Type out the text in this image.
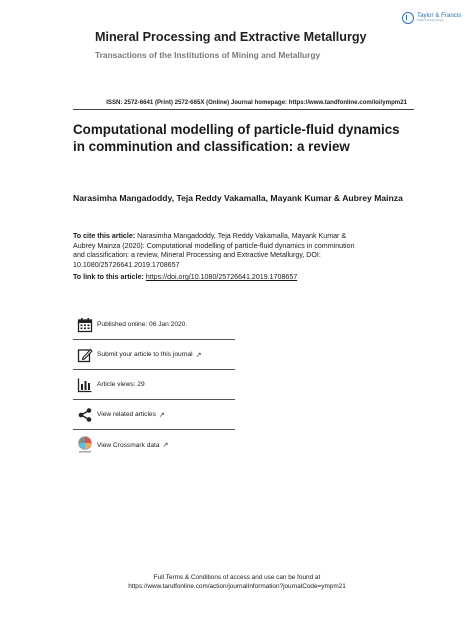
Taylor & Francis
Taylor & Francis Group
Mineral Processing and Extractive Metallurgy
Transactions of the Institutions of Mining and Metallurgy
ISSN: 2572-6641 (Print) 2572-665X (Online) Journal homepage: https://www.tandfonline.com/loi/ympm21
Computational modelling of particle-fluid dynamics in comminution and classification: a review
Narasimha Mangadoddy, Teja Reddy Vakamalla, Mayank Kumar & Aubrey Mainza
To cite this article: Narasimha Mangadoddy, Teja Reddy Vakamalla, Mayank Kumar & Aubrey Mainza (2020): Computational modelling of particle-fluid dynamics in comminution and classification: a review, Mineral Processing and Extractive Metallurgy, DOI: 10.1080/25726641.2019.1708657
To link to this article: https://doi.org/10.1080/25726641.2019.1708657
Published online: 06 Jan 2020.
Submit your article to this journal ↗
Article views: 29
View related articles ↗
View Crossmark data ↗
Full Terms & Conditions of access and use can be found at
https://www.tandfonline.com/action/journalInformation?journalCode=ympm21
